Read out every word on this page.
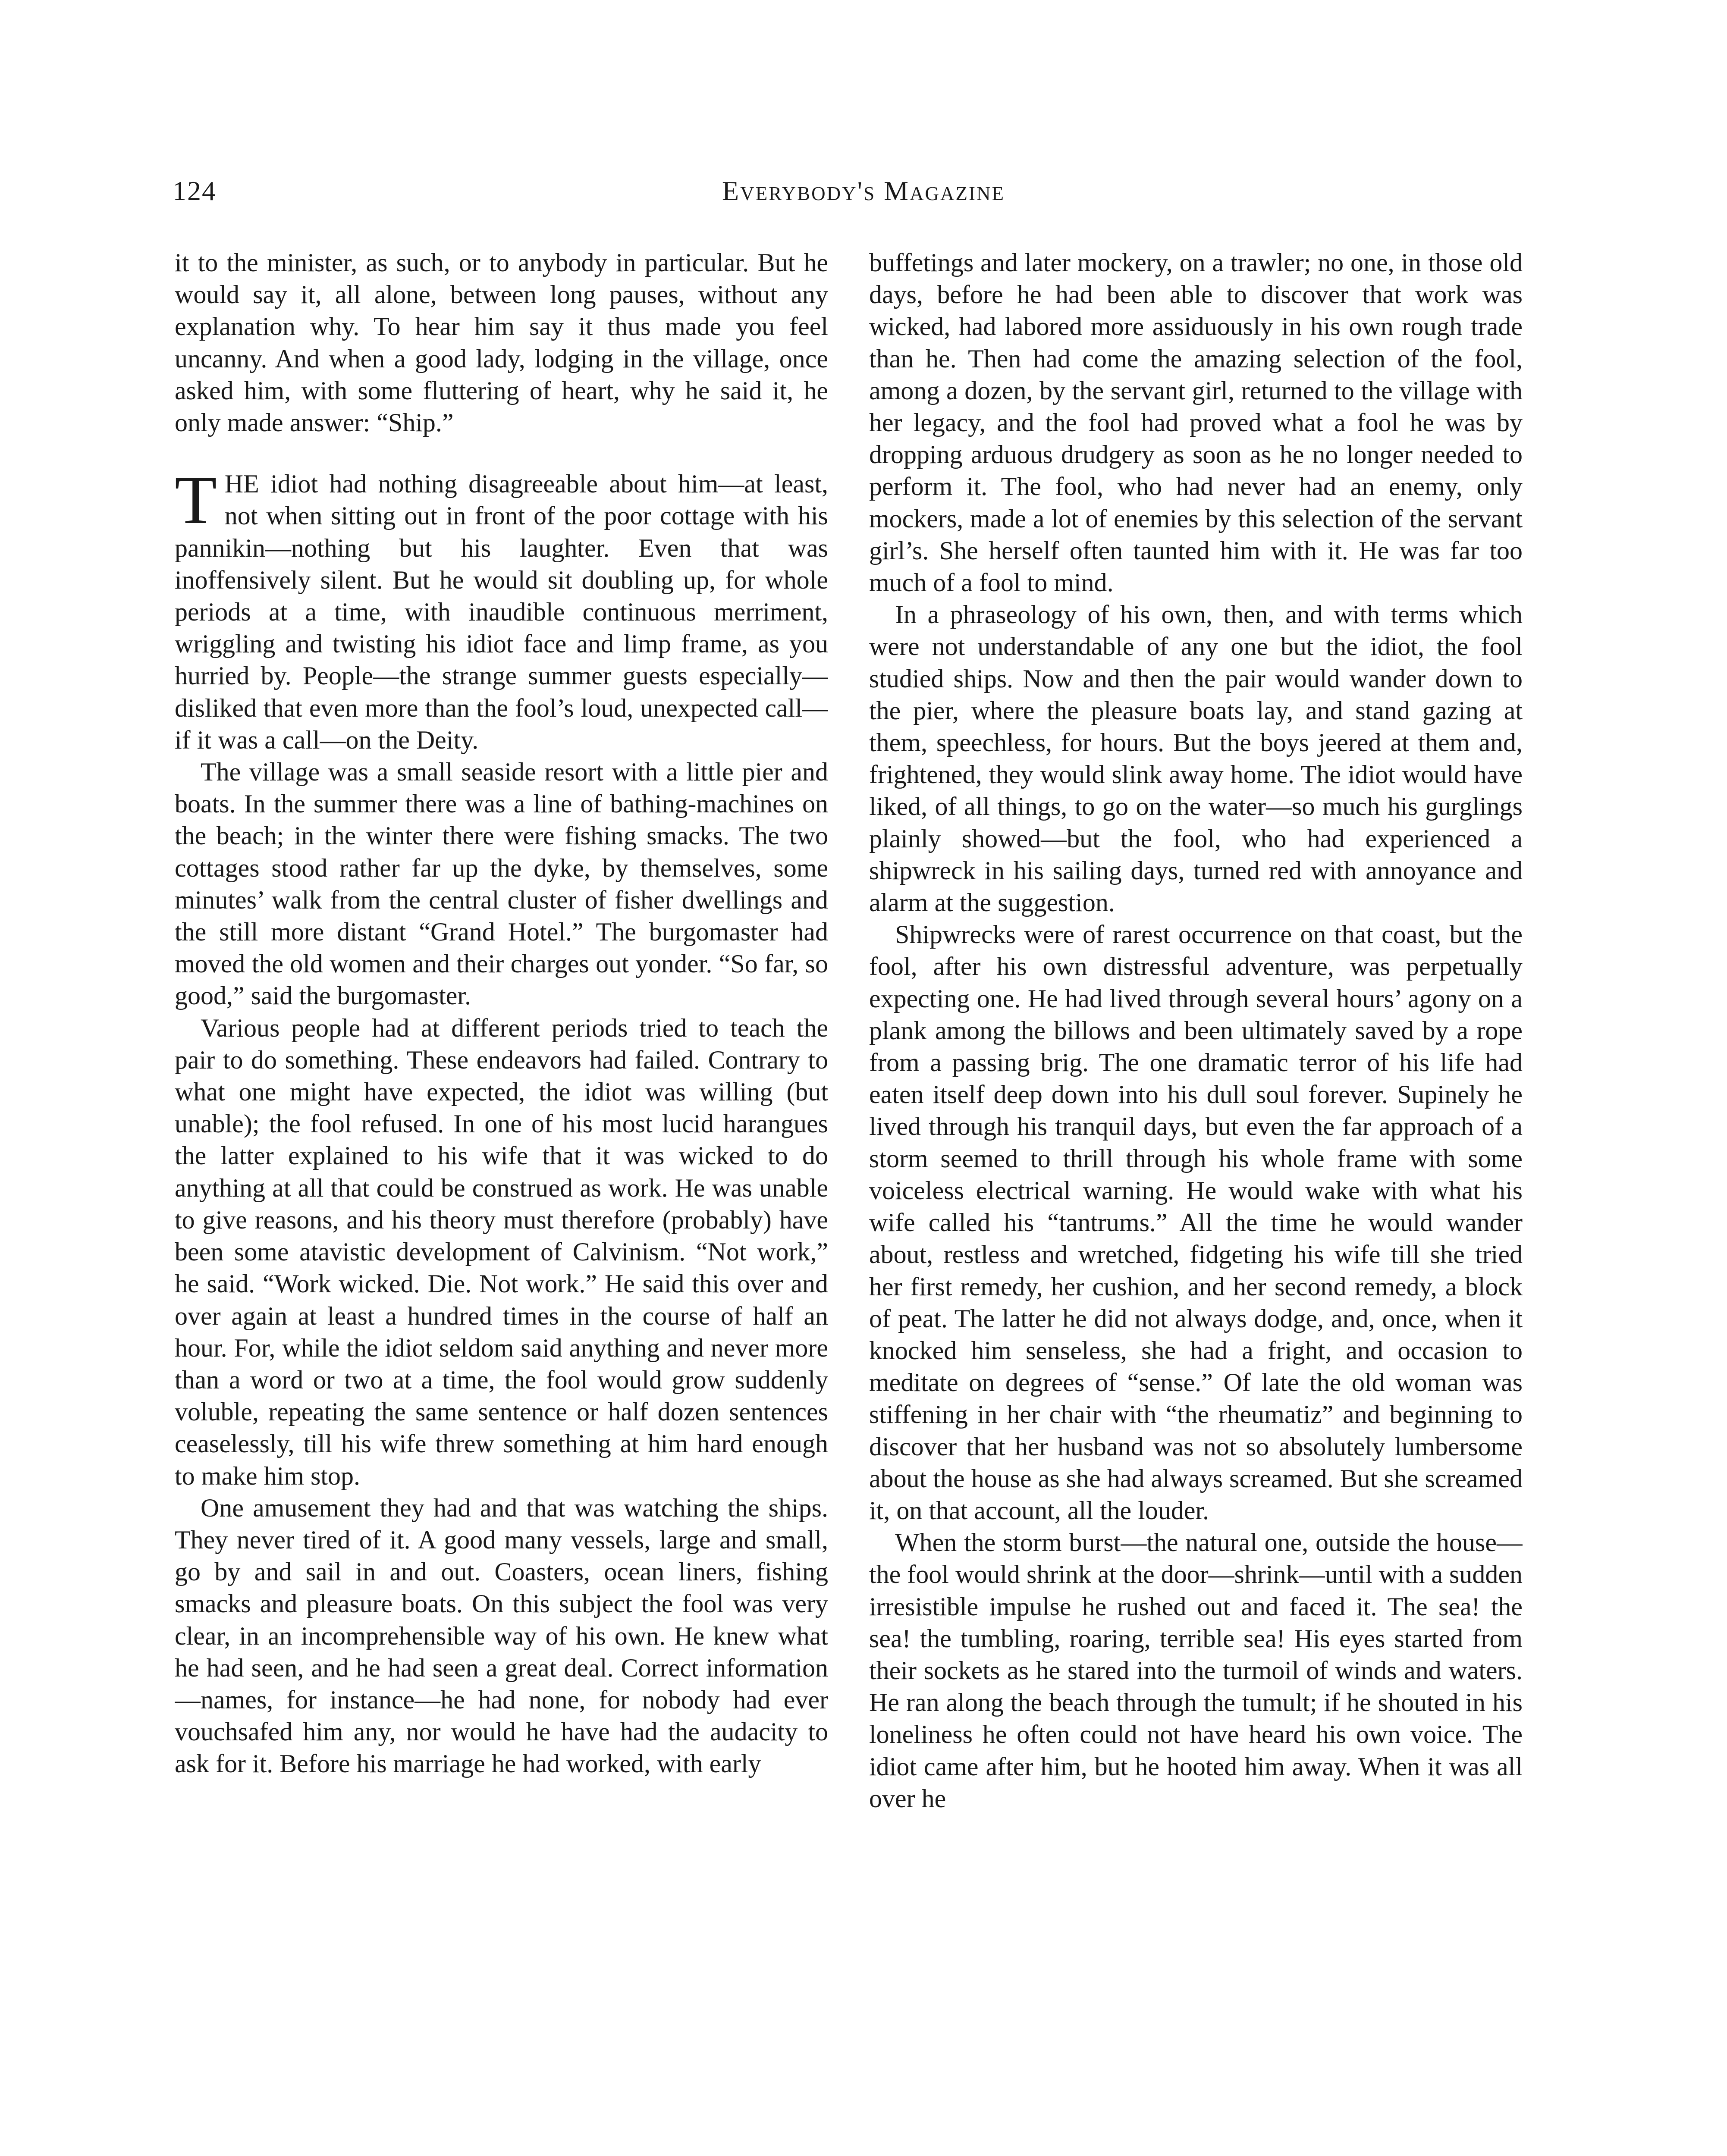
124	Everybody's Magazine

it to the minister, as such, or to anybody in particular. But he would say it, all alone, between long pauses, without any explanation why. To hear him say it thus made you feel uncanny. And when a good lady, lodging in the village, once asked him, with some fluttering of heart, why he said it, he only made answer: “Ship.”

THE idiot had nothing disagreeable about him—at least, not when sitting out in front of the poor cottage with his pannikin—nothing but his laughter. Even that was inoffensively silent. But he would sit doubling up, for whole periods at a time, with inaudible continuous merriment, wriggling and twisting his idiot face and limp frame, as you hurried by. People—the strange summer guests especially—disliked that even more than the fool’s loud, unexpected call—if it was a call—on the Deity.

The village was a small seaside resort with a little pier and boats. In the summer there was a line of bathing-machines on the beach; in the winter there were fishing smacks. The two cottages stood rather far up the dyke, by themselves, some minutes’ walk from the central cluster of fisher dwellings and the still more distant “Grand Hotel.” The burgomaster had moved the old women and their charges out yonder. “So far, so good,” said the burgomaster.

Various people had at different periods tried to teach the pair to do something. These endeavors had failed. Contrary to what one might have expected, the idiot was willing (but unable); the fool refused. In one of his most lucid harangues the latter explained to his wife that it was wicked to do anything at all that could be construed as work. He was unable to give reasons, and his theory must therefore (probably) have been some atavistic development of Calvinism. “Not work,” he said. “Work wicked. Die. Not work.” He said this over and over again at least a hundred times in the course of half an hour. For, while the idiot seldom said anything and never more than a word or two at a time, the fool would grow suddenly voluble, repeating the same sentence or half dozen sentences ceaselessly, till his wife threw something at him hard enough to make him stop.

One amusement they had and that was watching the ships. They never tired of it. A good many vessels, large and small, go by and sail in and out. Coasters, ocean liners, fishing smacks and pleasure boats. On this subject the fool was very clear, in an incomprehensible way of his own. He knew what he had seen, and he had seen a great deal. Correct information—names, for instance—he had none, for nobody had ever vouchsafed him any, nor would he have had the audacity to ask for it. Before his marriage he had worked, with early

buffetings and later mockery, on a trawler; no one, in those old days, before he had been able to discover that work was wicked, had labored more assiduously in his own rough trade than he. Then had come the amazing selection of the fool, among a dozen, by the servant girl, returned to the village with her legacy, and the fool had proved what a fool he was by dropping arduous drudgery as soon as he no longer needed to perform it. The fool, who had never had an enemy, only mockers, made a lot of enemies by this selection of the servant girl’s. She herself often taunted him with it. He was far too much of a fool to mind.

In a phraseology of his own, then, and with terms which were not understandable of any one but the idiot, the fool studied ships. Now and then the pair would wander down to the pier, where the pleasure boats lay, and stand gazing at them, speechless, for hours. But the boys jeered at them and, frightened, they would slink away home. The idiot would have liked, of all things, to go on the water—so much his gurglings plainly showed—but the fool, who had experienced a shipwreck in his sailing days, turned red with annoyance and alarm at the suggestion.

Shipwrecks were of rarest occurrence on that coast, but the fool, after his own distressful adventure, was perpetually expecting one. He had lived through several hours’ agony on a plank among the billows and been ultimately saved by a rope from a passing brig. The one dramatic terror of his life had eaten itself deep down into his dull soul forever. Supinely he lived through his tranquil days, but even the far approach of a storm seemed to thrill through his whole frame with some voiceless electrical warning. He would wake with what his wife called his “tantrums.” All the time he would wander about, restless and wretched, fidgeting his wife till she tried her first remedy, her cushion, and her second remedy, a block of peat. The latter he did not always dodge, and, once, when it knocked him senseless, she had a fright, and occasion to meditate on degrees of “sense.” Of late the old woman was stiffening in her chair with “the rheumatiz” and beginning to discover that her husband was not so absolutely lumbersome about the house as she had always screamed. But she screamed it, on that account, all the louder.

When the storm burst—the natural one, outside the house—the fool would shrink at the door—shrink—until with a sudden irresistible impulse he rushed out and faced it. The sea! the sea! the tumbling, roaring, terrible sea! His eyes started from their sockets as he stared into the turmoil of winds and waters. He ran along the beach through the tumult; if he shouted in his loneliness he often could not have heard his own voice. The idiot came after him, but he hooted him away. When it was all over he
